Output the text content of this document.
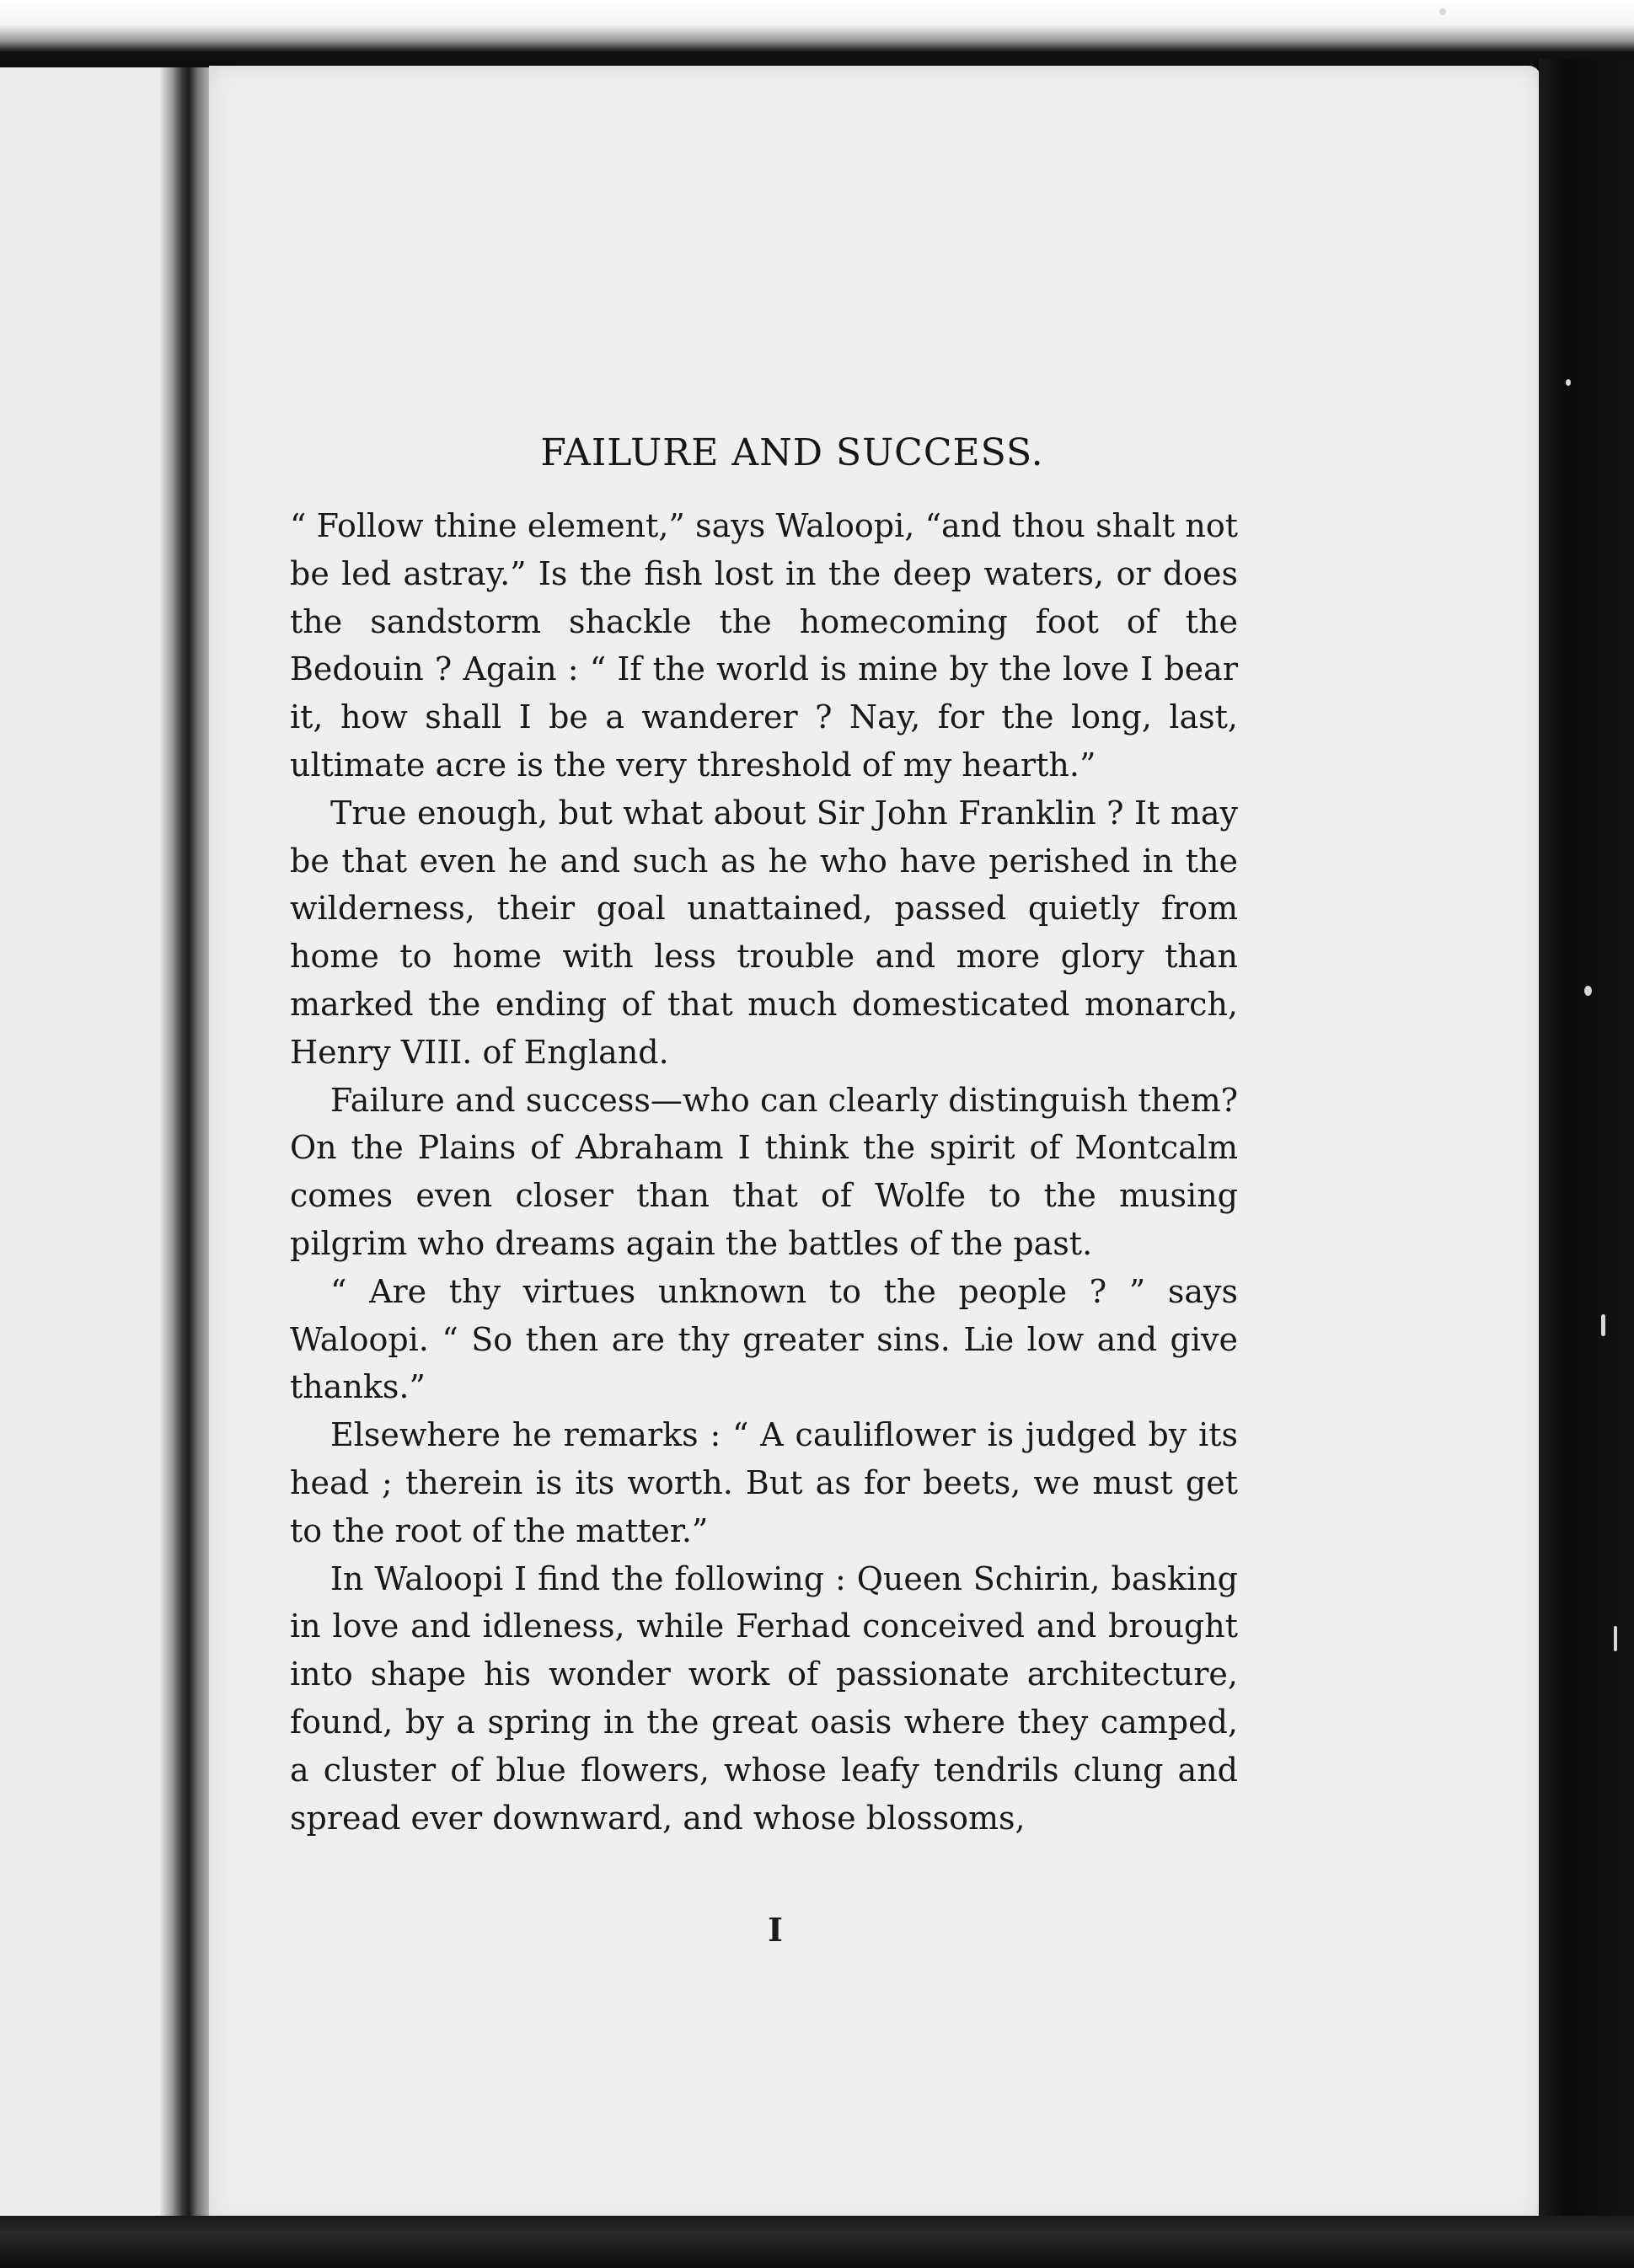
FAILURE AND SUCCESS.

“ Follow thine element,” says Waloopi, “and thou shalt not be led astray.” Is the fish lost in the deep waters, or does the sandstorm shackle the homecoming foot of the Bedouin ? Again : “ If the world is mine by the love I bear it, how shall I be a wanderer ? Nay, for the long, last, ultimate acre is the very threshold of my hearth.”

True enough, but what about Sir John Franklin ? It may be that even he and such as he who have perished in the wilderness, their goal unattained, passed quietly from home to home with less trouble and more glory than marked the ending of that much domesticated monarch, Henry VIII. of England.

Failure and success—who can clearly distinguish them? On the Plains of Abraham I think the spirit of Montcalm comes even closer than that of Wolfe to the musing pilgrim who dreams again the battles of the past.

“ Are thy virtues unknown to the people ? ” says Waloopi. “ So then are thy greater sins. Lie low and give thanks.”

Elsewhere he remarks : “ A cauliflower is judged by its head ; therein is its worth. But as for beets, we must get to the root of the matter.”

In Waloopi I find the following : Queen Schirin, basking in love and idleness, while Ferhad conceived and brought into shape his wonder work of passionate architecture, found, by a spring in the great oasis where they camped, a cluster of blue flowers, whose leafy tendrils clung and spread ever downward, and whose blossoms,

I
